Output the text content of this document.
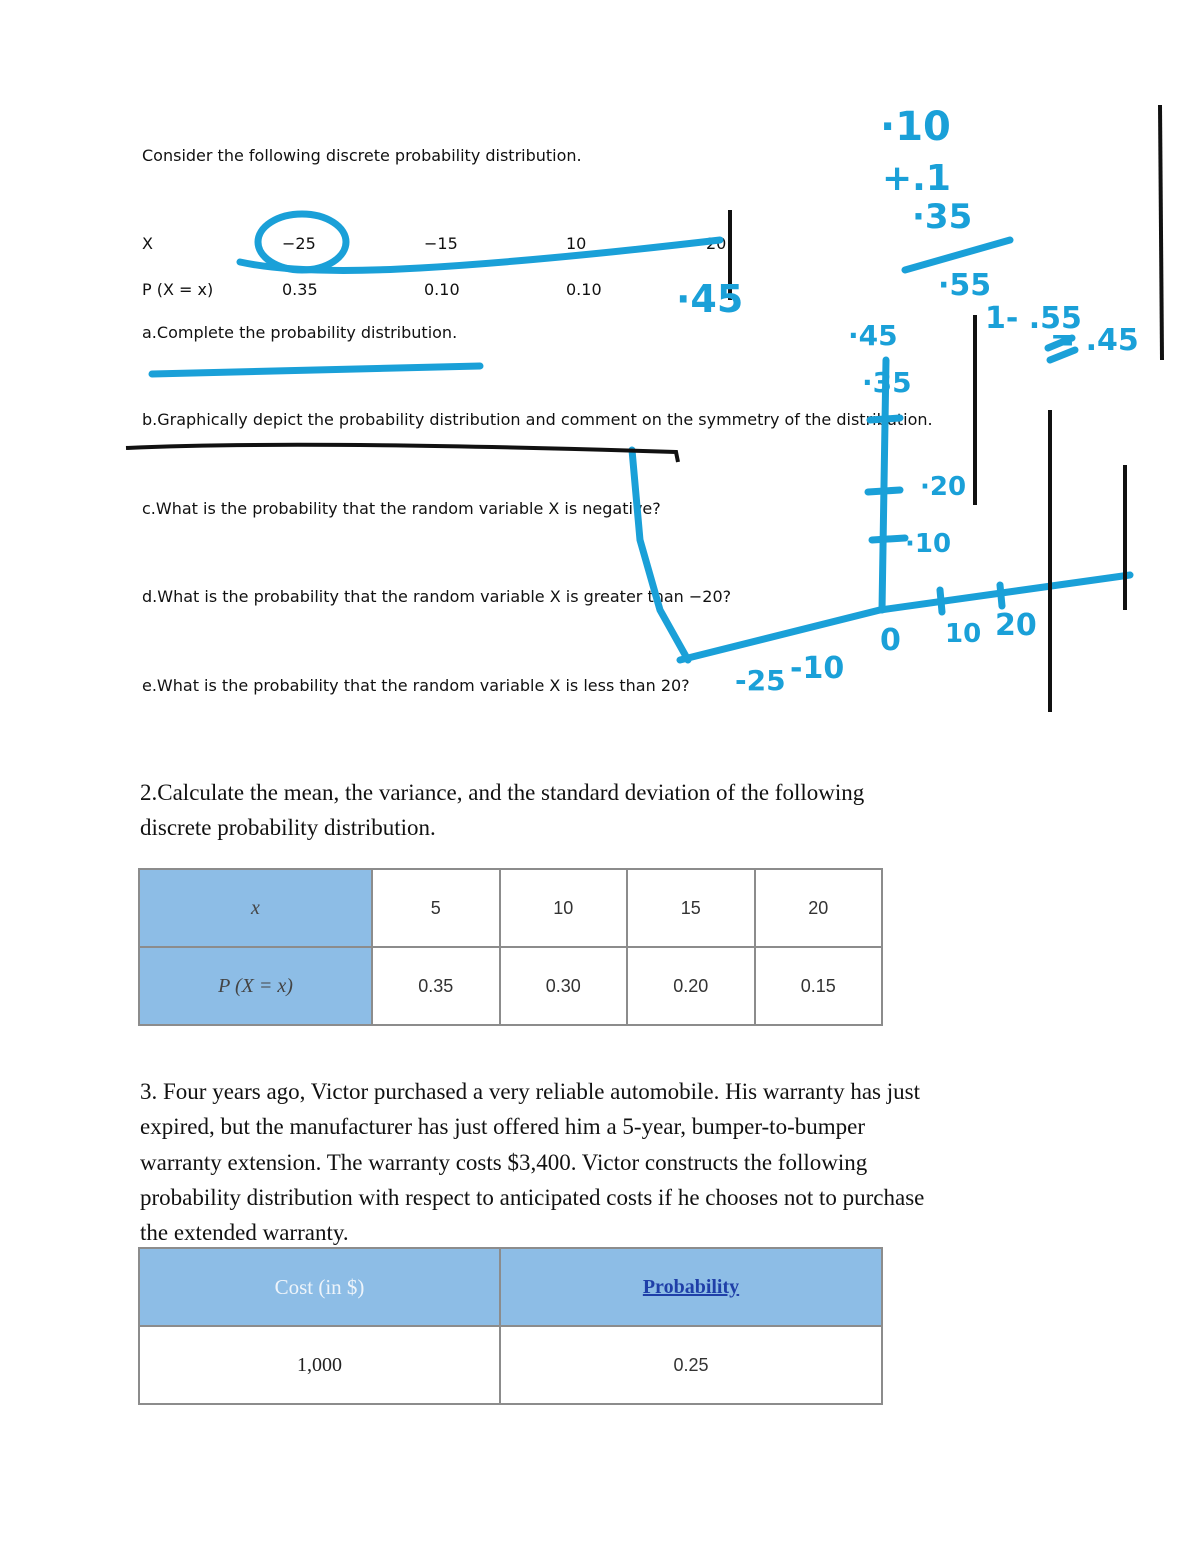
Consider the following discrete probability distribution.
X	−25	−15	10	20
P (X = x)	0.35	0.10	0.10
a.Complete the probability distribution.
b.Graphically depict the probability distribution and comment on the symmetry of the distribution.
c.What is the probability that the random variable X is negative?
d.What is the probability that the random variable X is greater than −20?
e.What is the probability that the random variable X is less than 20?
2.Calculate the mean, the variance, and the standard deviation of the following
discrete probability distribution.
x	5	10	15	20
P (X = x)	0.35	0.30	0.20	0.15
3. Four years ago, Victor purchased a very reliable automobile. His warranty has just
expired, but the manufacturer has just offered him a 5-year, bumper-to-bumper
warranty extension. The warranty costs $3,400. Victor constructs the following
probability distribution with respect to anticipated costs if he chooses not to purchase
the extended warranty.
Cost (in $)	Probability
1,000	0.25
·45
·10
+.1
·35
·55
1- .55
= .45
·45
·35
·20
·10
-25 -10
0 10 20
